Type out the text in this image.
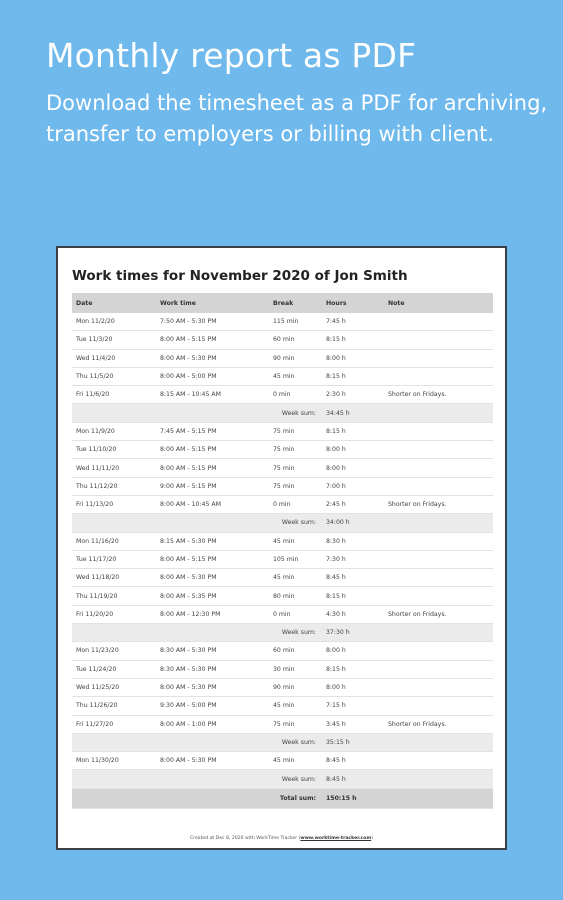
Monthly report as PDF

Download the timesheet as a PDF for archiving, transfer to employers or billing with client.

Work times for November 2020 of Jon Smith
Date	Work time	Break	Hours	Note
Mon 11/2/20	7:50 AM - 5:30 PM	115 min	7:45 h	
Tue 11/3/20	8:00 AM - 5:15 PM	60 min	8:15 h	
Wed 11/4/20	8:00 AM - 5:30 PM	90 min	8:00 h	
Thu 11/5/20	8:00 AM - 5:00 PM	45 min	8:15 h	
Fri 11/6/20	8:15 AM - 10:45 AM	0 min	2:30 h	Shorter on Fridays.
Week sum:			34:45 h	
Mon 11/9/20	7:45 AM - 5:15 PM	75 min	8:15 h	
Tue 11/10/20	8:00 AM - 5:15 PM	75 min	8:00 h	
Wed 11/11/20	8:00 AM - 5:15 PM	75 min	8:00 h	
Thu 11/12/20	9:00 AM - 5:15 PM	75 min	7:00 h	
Fri 11/13/20	8:00 AM - 10:45 AM	0 min	2:45 h	Shorter on Fridays.
Week sum:			34:00 h	
Mon 11/16/20	8:15 AM - 5:30 PM	45 min	8:30 h	
Tue 11/17/20	8:00 AM - 5:15 PM	105 min	7:30 h	
Wed 11/18/20	8:00 AM - 5:30 PM	45 min	8:45 h	
Thu 11/19/20	8:00 AM - 5:35 PM	80 min	8:15 h	
Fri 11/20/20	8:00 AM - 12:30 PM	0 min	4:30 h	Shorter on Fridays.
Week sum:			37:30 h	
Mon 11/23/20	8:30 AM - 5:30 PM	60 min	8:00 h	
Tue 11/24/20	8:30 AM - 5:30 PM	30 min	8:15 h	
Wed 11/25/20	8:00 AM - 5:30 PM	90 min	8:00 h	
Thu 11/26/20	9:30 AM - 5:00 PM	45 min	7:15 h	
Fri 11/27/20	8:00 AM - 1:00 PM	75 min	3:45 h	Shorter on Fridays.
Week sum:			35:15 h	
Mon 11/30/20	8:00 AM - 5:30 PM	45 min	8:45 h	
Week sum:			8:45 h	
Total sum:			150:15 h	
Created at Dec 8, 2020 with WorkTime Tracker (www.worktime-tracker.com)
